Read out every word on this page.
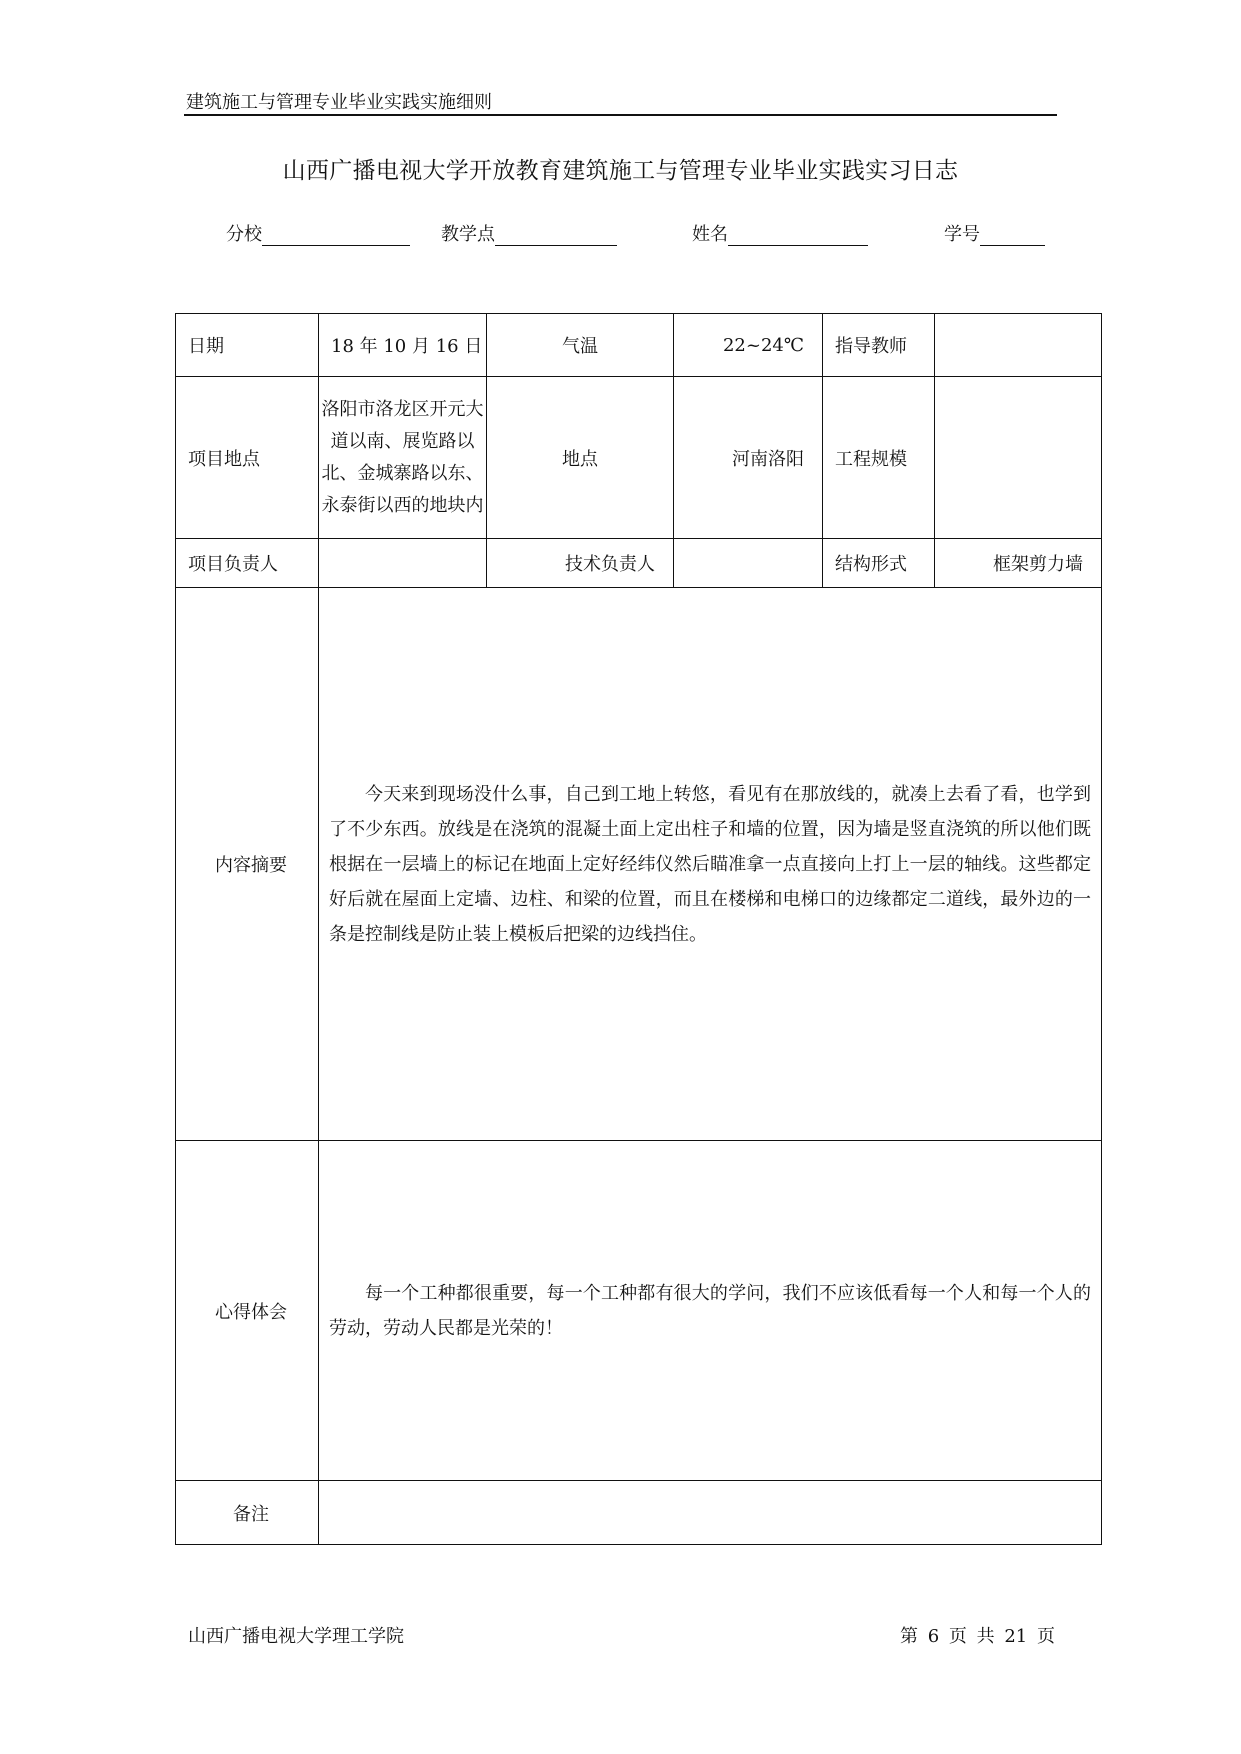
建筑施工与管理专业毕业实践实施细则
山西广播电视大学开放教育建筑施工与管理专业毕业实践实习日志
分校	教学点	姓名	学号
日期	18 年 10 月 16 日	气温	22~24℃	指导教师	
项目地点	洛阳市洛龙区开元大道以南、展览路以北、金城寨路以东、永泰街以西的地块内	地点	河南洛阳	工程规模	
项目负责人		技术负责人		结构形式	框架剪力墙
内容摘要	今天来到现场没什么事，自己到工地上转悠，看见有在那放线的，就凑上去看了看，也学到了不少东西。放线是在浇筑的混凝土面上定出柱子和墙的位置，因为墙是竖直浇筑的所以他们既根据在一层墙上的标记在地面上定好经纬仪然后瞄准拿一点直接向上打上一层的轴线。这些都定好后就在屋面上定墙、边柱、和梁的位置，而且在楼梯和电梯口的边缘都定二道线，最外边的一条是控制线是防止装上模板后把梁的边线挡住。				

心得体会	每一个工种都很重要，每一个工种都有很大的学问，我们不应该低看每一个人和每一个人的劳动，劳动人民都是光荣的！				

备注					
山西广播电视大学理工学院	第 6 页 共 21 页
